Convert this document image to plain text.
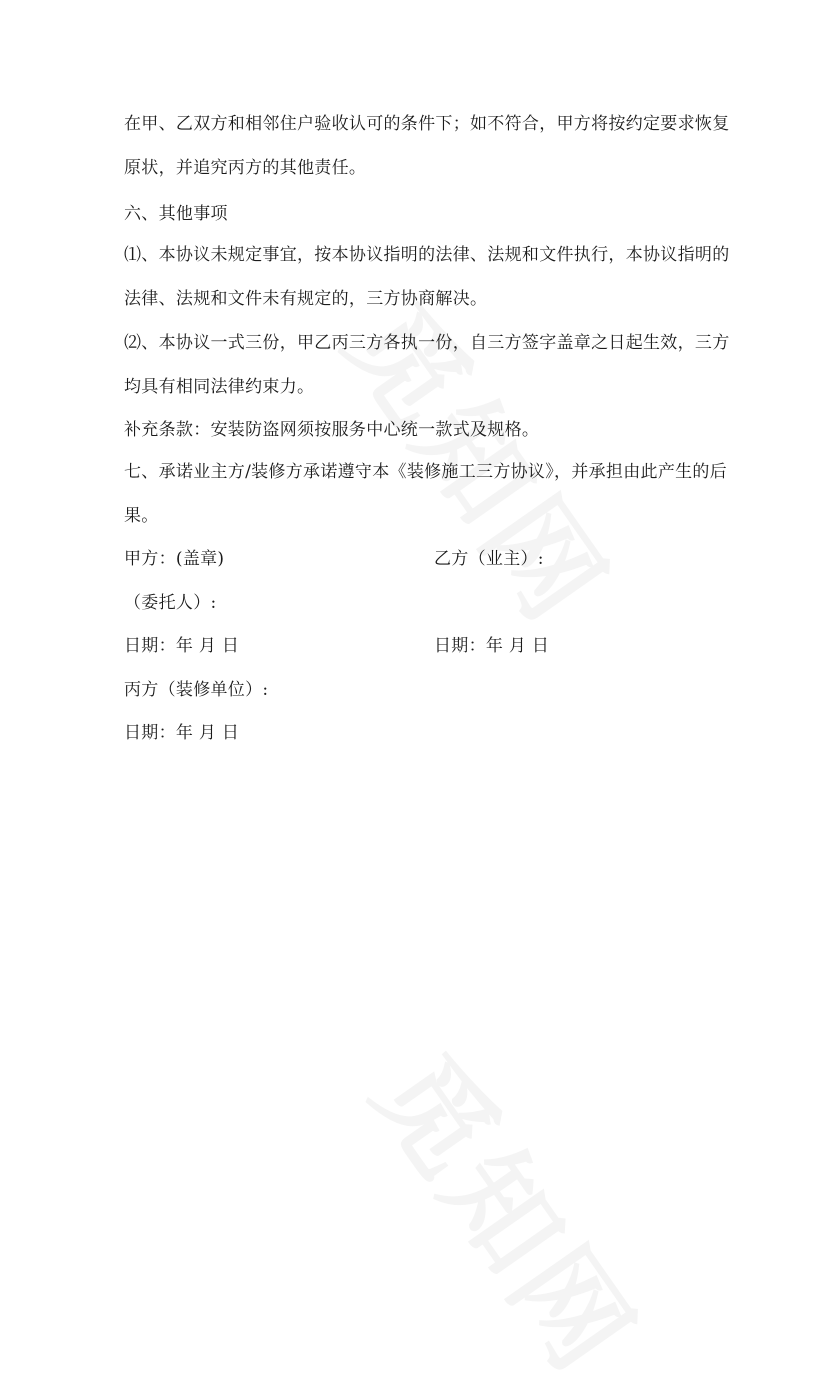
在甲、乙双方和相邻住户验收认可的条件下；如不符合，甲方将按约定要求恢复
原状，并追究丙方的其他责任。
六、其他事项
⑴、本协议未规定事宜，按本协议指明的法律、法规和文件执行，本协议指明的
法律、法规和文件未有规定的，三方协商解决。
⑵、本协议一式三份，甲乙丙三方各执一份，自三方签字盖章之日起生效，三方
均具有相同法律约束力。
补充条款：安装防盗网须按服务中心统一款式及规格。
七、承诺业主方/装修方承诺遵守本《装修施工三方协议》，并承担由此产生的后
果。
甲方：(盖章)	乙方（业主）:
（委托人）:
日期：年 月 日	日期：年 月 日
丙方（装修单位）:
日期：年 月 日
